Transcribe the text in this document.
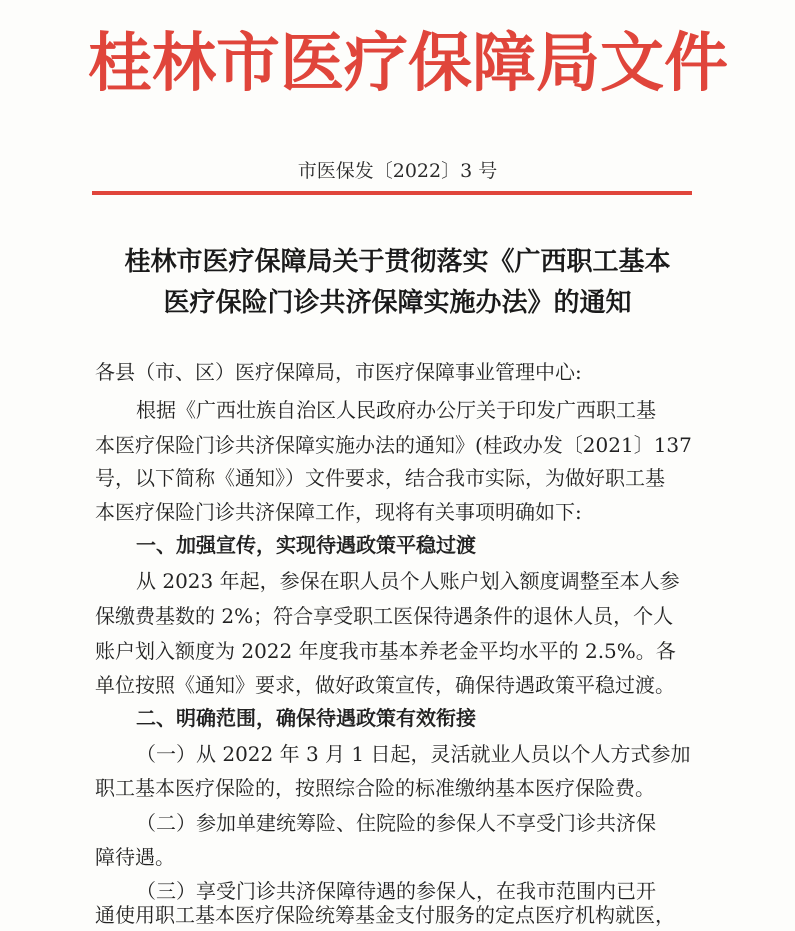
桂林市医疗保障局文件
市医保发〔2022〕3 号
桂林市医疗保障局关于贯彻落实《广西职工基本
医疗保险门诊共济保障实施办法》的通知
各县（市、区）医疗保障局，市医疗保障事业管理中心:
根据《广西壮族自治区人民政府办公厅关于印发广西职工基
本医疗保险门诊共济保障实施办法的通知》(桂政办发〔2021〕137
号，以下简称《通知》）文件要求，结合我市实际，为做好职工基
本医疗保险门诊共济保障工作，现将有关事项明确如下:
一、加强宣传，实现待遇政策平稳过渡
从 2023 年起，参保在职人员个人账户划入额度调整至本人参
保缴费基数的 2%；符合享受职工医保待遇条件的退休人员，个人
账户划入额度为 2022 年度我市基本养老金平均水平的 2.5%。各
单位按照《通知》要求，做好政策宣传，确保待遇政策平稳过渡。
二、明确范围，确保待遇政策有效衔接
（一）从 2022 年 3 月 1 日起，灵活就业人员以个人方式参加
职工基本医疗保险的，按照综合险的标准缴纳基本医疗保险费。
（二）参加单建统筹险、住院险的参保人不享受门诊共济保
障待遇。
（三）享受门诊共济保障待遇的参保人，在我市范围内已开
通使用职工基本医疗保险统筹基金支付服务的定点医疗机构就医，
